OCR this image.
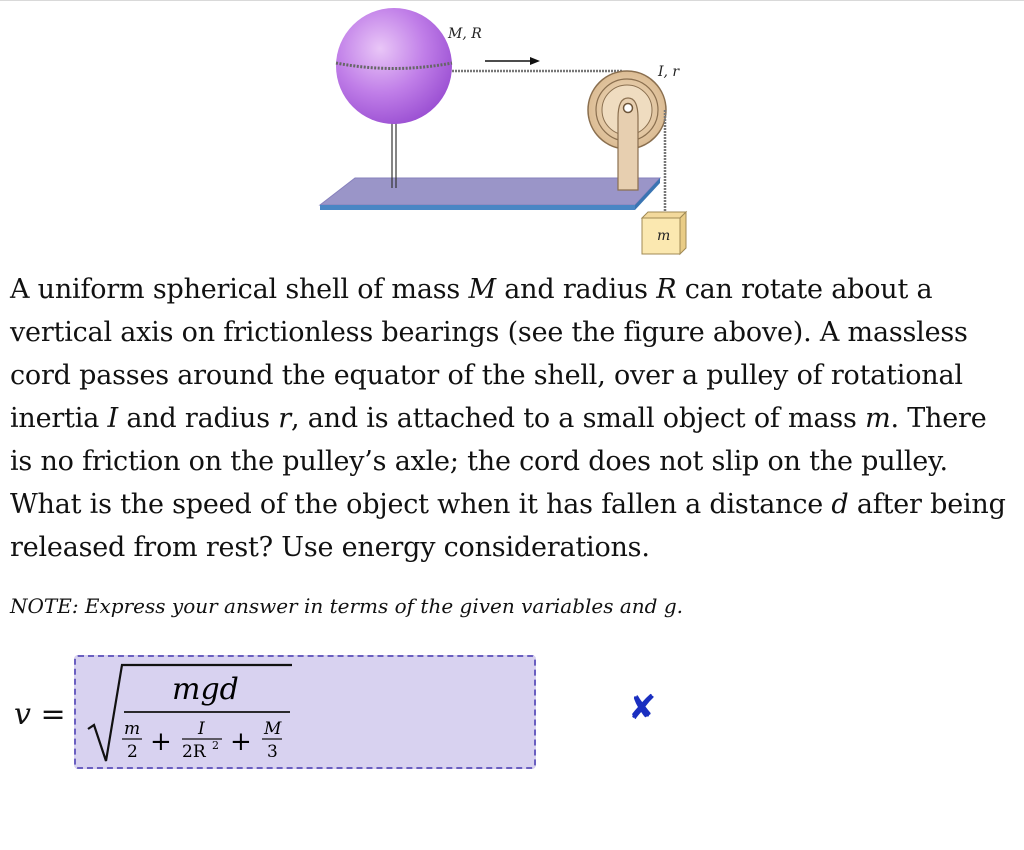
m
M, R
I, r

A uniform spherical shell of mass M and radius R can rotate about a vertical axis on frictionless bearings (see the figure above). A massless cord passes around the equator of the shell, over a pulley of rotational inertia I and radius r, and is attached to a small object of mass m. There is no friction on the pulley’s axle; the cord does not slip on the pulley. What is the speed of the object when it has fallen a distance d after being released from rest? Use energy considerations.

NOTE: Express your answer in terms of the given variables and g.

v =
mgd
m
2 + I
2R 2 + M
3
✘
